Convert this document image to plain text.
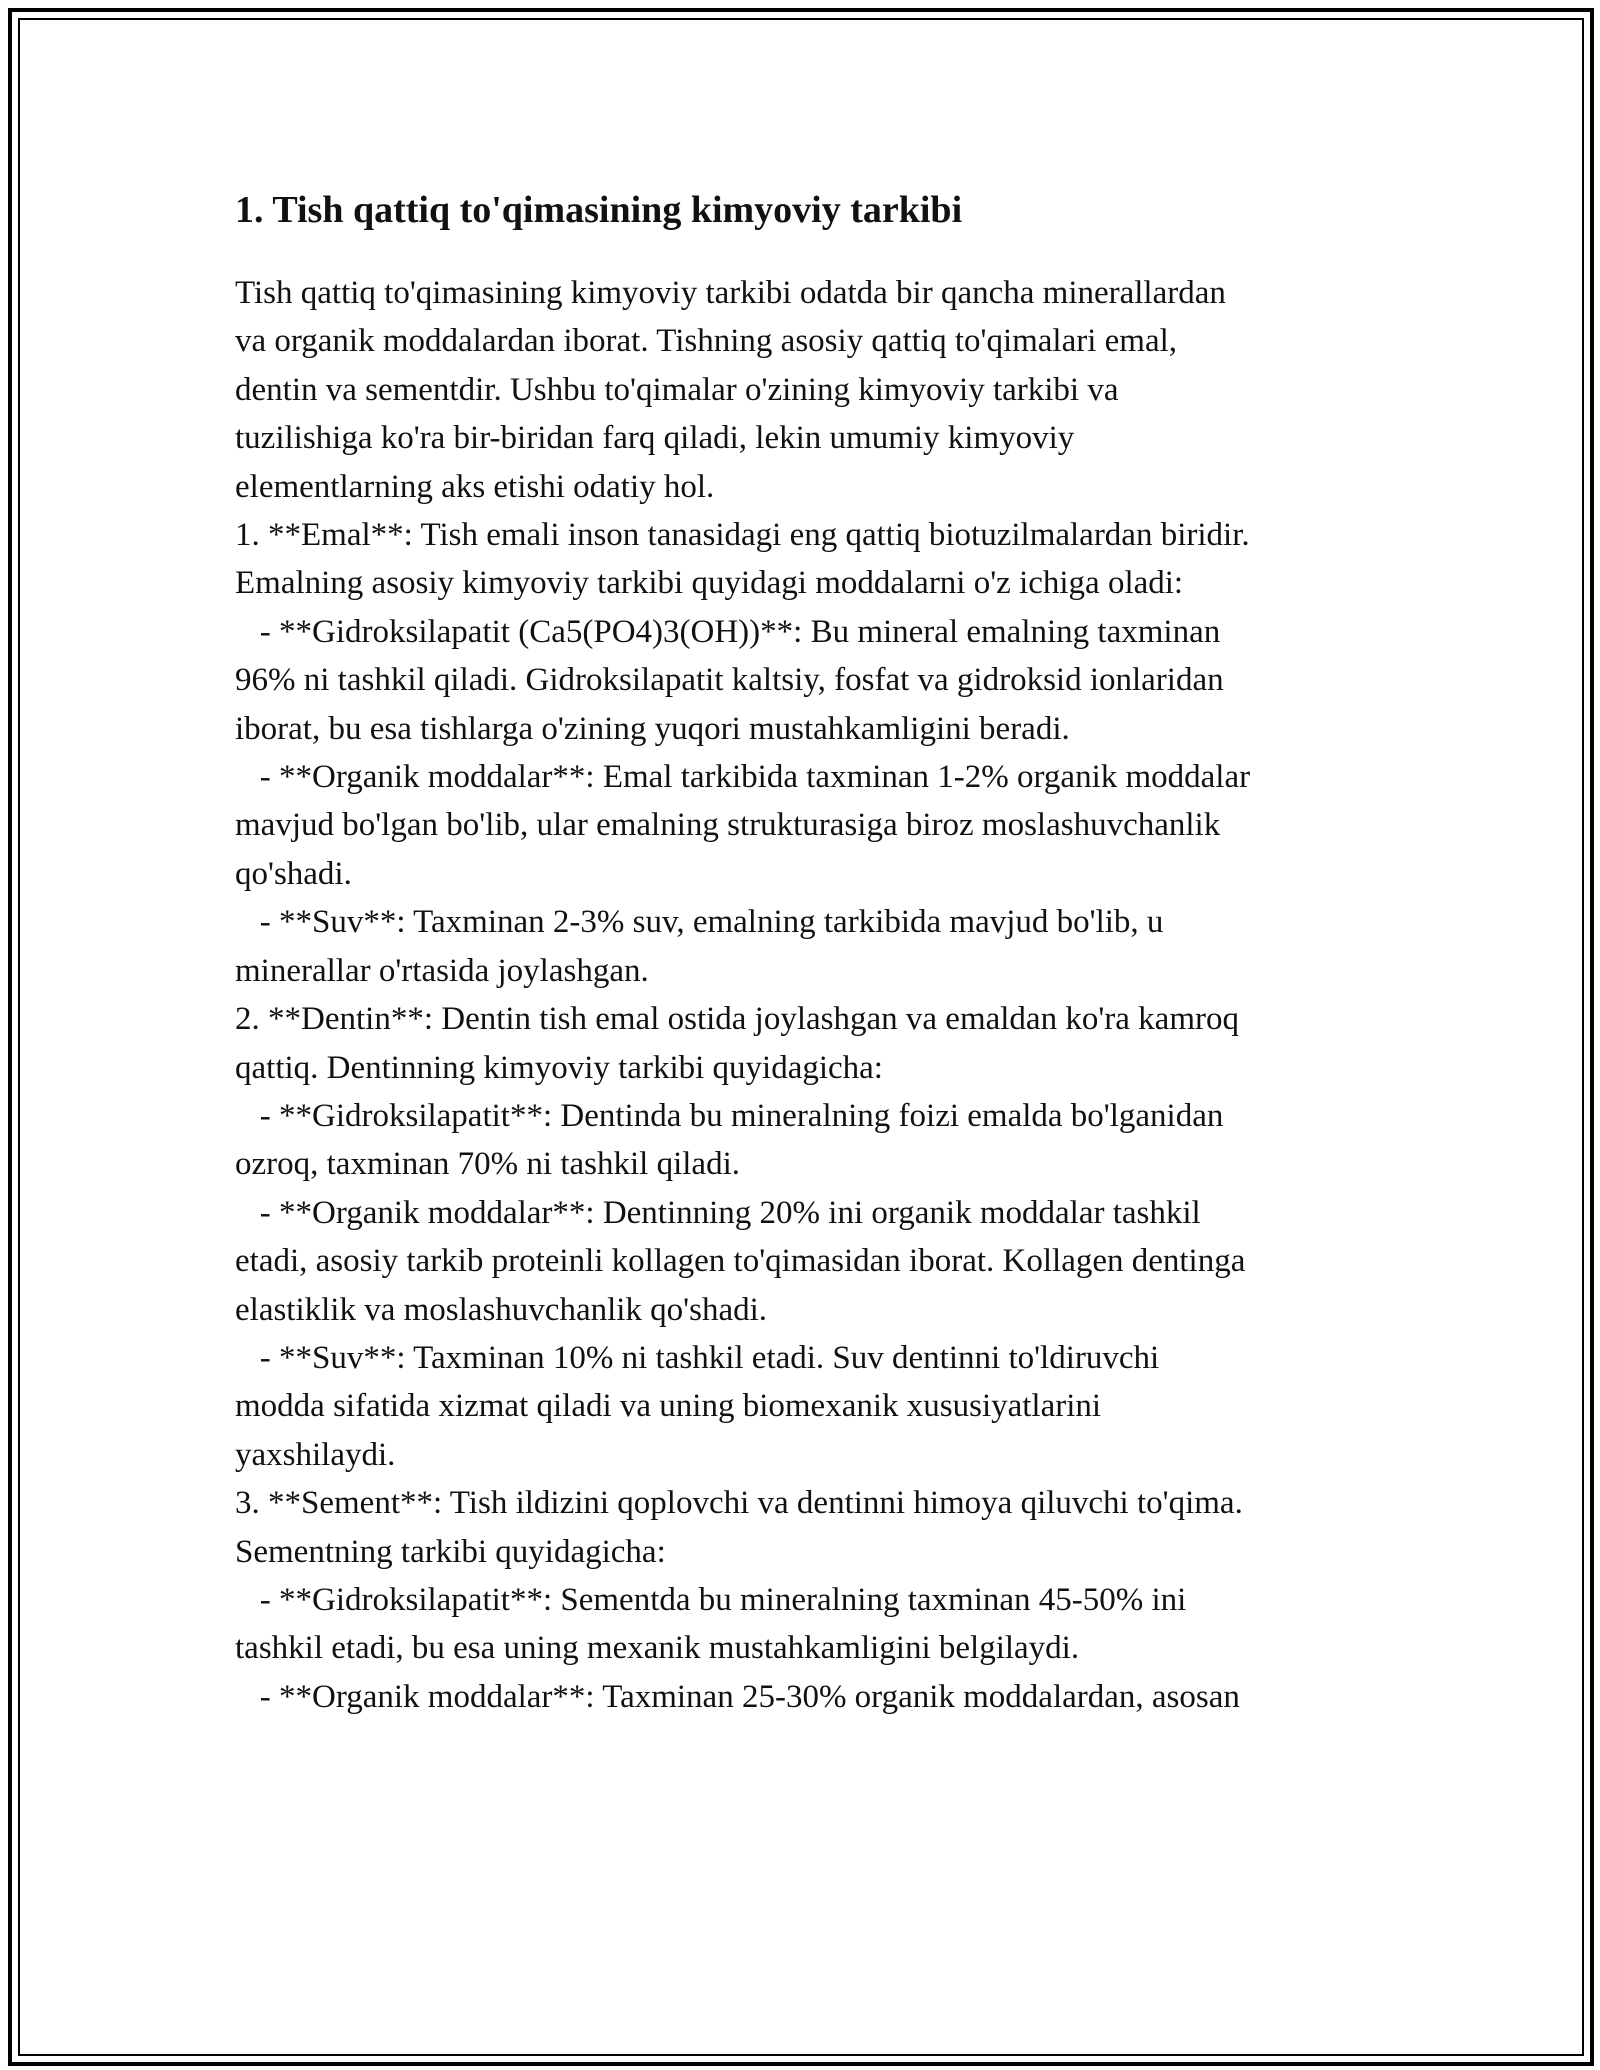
1. Tish qattiq to'qimasining kimyoviy tarkibi

Tish qattiq to'qimasining kimyoviy tarkibi odatda bir qancha minerallardan
va organik moddalardan iborat. Tishning asosiy qattiq to'qimalari emal,
dentin va sementdir. Ushbu to'qimalar o'zining kimyoviy tarkibi va
tuzilishiga ko'ra bir-biridan farq qiladi, lekin umumiy kimyoviy
elementlarning aks etishi odatiy hol.

1. **Emal**: Tish emali inson tanasidagi eng qattiq biotuzilmalardan biridir.
Emalning asosiy kimyoviy tarkibi quyidagi moddalarni o'z ichiga oladi:
- **Gidroksilapatit (Ca5(PO4)3(OH))**: Bu mineral emalning taxminan
96% ni tashkil qiladi. Gidroksilapatit kaltsiy, fosfat va gidroksid ionlaridan
iborat, bu esa tishlarga o'zining yuqori mustahkamligini beradi.
- **Organik moddalar**: Emal tarkibida taxminan 1-2% organik moddalar
mavjud bo'lgan bo'lib, ular emalning strukturasiga biroz moslashuvchanlik
qo'shadi.
- **Suv**: Taxminan 2-3% suv, emalning tarkibida mavjud bo'lib, u
minerallar o'rtasida joylashgan.

2. **Dentin**: Dentin tish emal ostida joylashgan va emaldan ko'ra kamroq
qattiq. Dentinning kimyoviy tarkibi quyidagicha:
- **Gidroksilapatit**: Dentinda bu mineralning foizi emalda bo'lganidan
ozroq, taxminan 70% ni tashkil qiladi.
- **Organik moddalar**: Dentinning 20% ini organik moddalar tashkil
etadi, asosiy tarkib proteinli kollagen to'qimasidan iborat. Kollagen dentinga
elastiklik va moslashuvchanlik qo'shadi.
- **Suv**: Taxminan 10% ni tashkil etadi. Suv dentinni to'ldiruvchi
modda sifatida xizmat qiladi va uning biomexanik xususiyatlarini
yaxshilaydi.

3. **Sement**: Tish ildizini qoplovchi va dentinni himoya qiluvchi to'qima.
Sementning tarkibi quyidagicha:
- **Gidroksilapatit**: Sementda bu mineralning taxminan 45-50% ini
tashkil etadi, bu esa uning mexanik mustahkamligini belgilaydi.
- **Organik moddalar**: Taxminan 25-30% organik moddalardan, asosan
